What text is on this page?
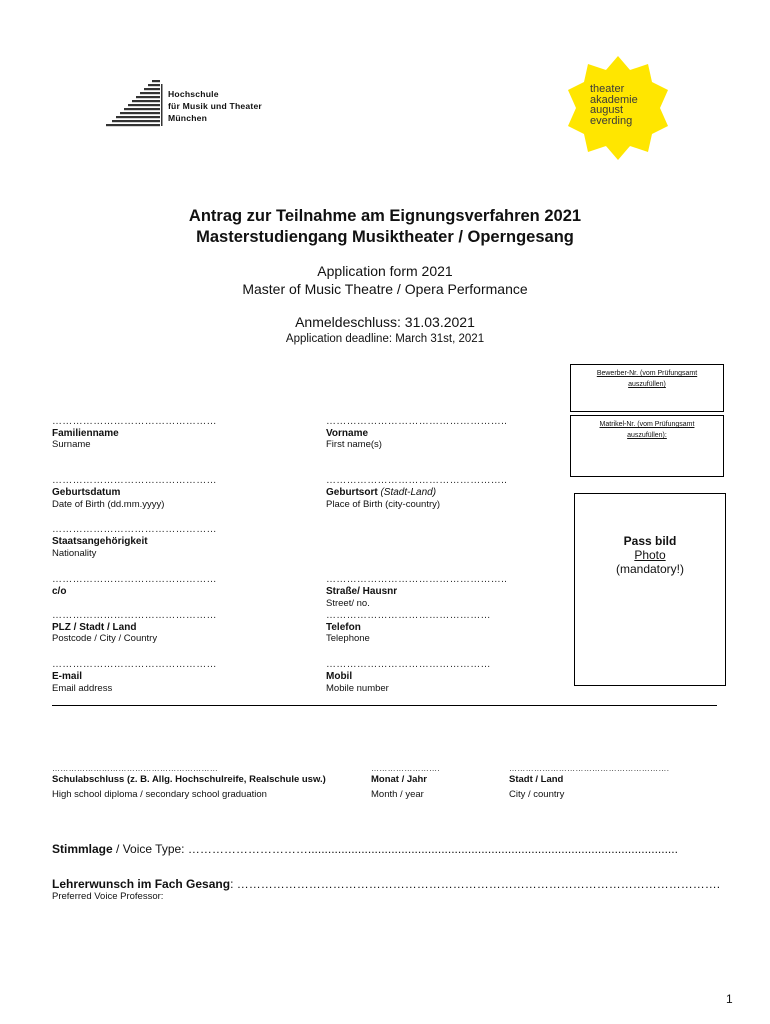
Hochschule
für Musik und Theater
München
theater
akademie
august
everding
Antrag zur Teilnahme am Eignungsverfahren 2021
Masterstudiengang Musiktheater / Operngesang
Application form 2021
Master of Music Theatre / Opera Performance
Anmeldeschluss: 31.03.2021
Application deadline: March 31st, 2021
Bewerber-Nr. (vom Prüfungsamt
auszufüllen)
Matrikel-Nr. (vom Prüfungsamt
auszufüllen):
Pass bild
Photo
(mandatory!)
…………………………………………
Familienname
Surname
……………………………………………..
Vorname
First name(s)
…………………………………………
Geburtsdatum
Date of Birth (dd.mm.yyyy)
……………………………………………..
Geburtsort (Stadt-Land)
Place of Birth (city-country)
…………………………………………
Staatsangehörigkeit
Nationality
…………………………………………
c/o
……………………………………………..
Straße/ Hausnr
Street/ no.
…………………………………………
PLZ / Stadt / Land
Postcode / City / Country
…………………………………………
Telefon
Telephone
…………………………………………
E-mail
Email address
…………………………………………
Mobil
Mobile number
……………………………………………………
Schulabschluss (z. B. Allg. Hochschulreife, Realschule usw.)
High school diploma / secondary school graduation
…………………….
Monat / Jahr
Month / year
………………………………………………….
Stadt / Land
City / country
Stimmlage / Voice Type: …………………………...............................................................................................................
Lehrerwunsch im Fach Gesang: ………………………………………………………………………………………………………….
Preferred Voice Professor:
1
